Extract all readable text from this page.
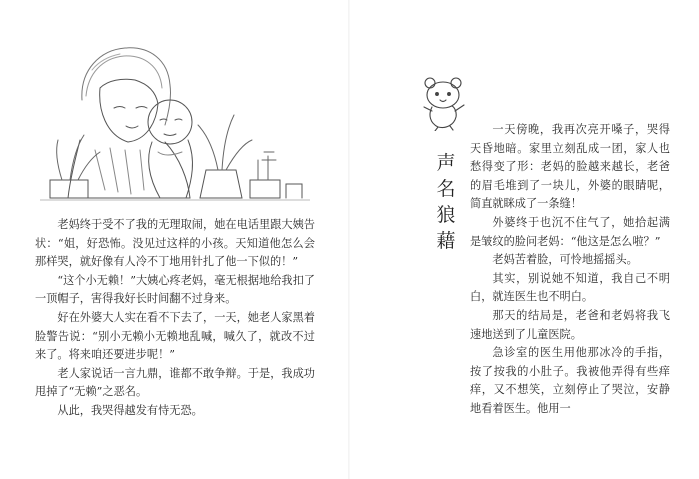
老妈终于受不了我的无理取闹，她在电话里跟大姨告状：“姐，好恐怖。没见过这样的小孩。天知道他怎么会那样哭，就好像有人冷不丁地用针扎了他一下似的！”

“这个小无赖！”大姨心疼老妈，毫无根据地给我扣了一顶帽子，害得我好长时间翻不过身来。

好在外婆大人实在看不下去了，一天，她老人家黑着脸警告说：“别小无赖小无赖地乱喊，喊久了，就改不过来了。将来咱还要进步呢！”

老人家说话一言九鼎，谁都不敢争辩。于是，我成功甩掉了“无赖”之恶名。

从此，我哭得越发有恃无恐。

声
名
狼
藉

一天傍晚，我再次亮开嗓子，哭得天昏地暗。家里立刻乱成一团，家人也愁得变了形：老妈的脸越来越长，老爸的眉毛堆到了一块儿，外婆的眼睛呢，简直就眯成了一条缝！

外婆终于也沉不住气了，她拾起满是皱纹的脸问老妈：“他这是怎么啦？”

老妈苦着脸，可怜地摇摇头。

其实，别说她不知道，我自己不明白，就连医生也不明白。

那天的结局是，老爸和老妈将我飞速地送到了儿童医院。

急诊室的医生用他那冰冷的手指，按了按我的小肚子。我被他弄得有些痒痒，又不想笑，立刻停止了哭泣，安静地看着医生。他用一
